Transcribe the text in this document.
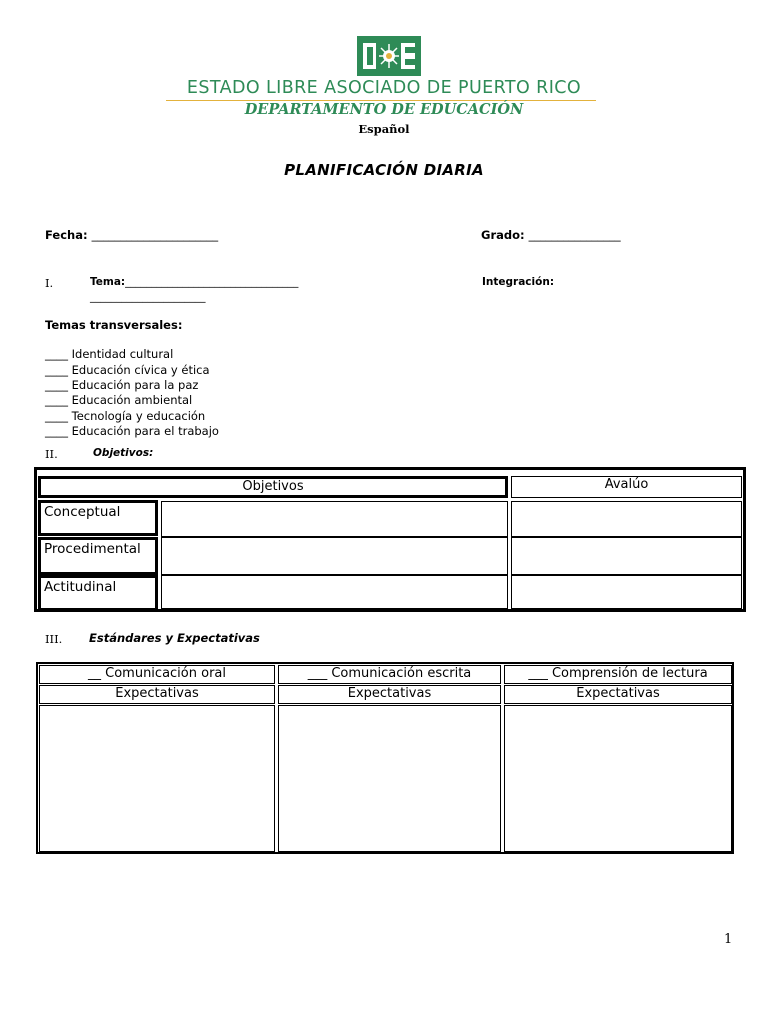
ESTADO LIBRE ASOCIADO DE PUERTO RICO
DEPARTAMENTO DE EDUCACIÓN
Español
PLANIFICACIÓN DIARIA
Fecha: ______________________	Grado: ________________
I.	Tema:_________________________________
______________________
Integración:
Temas transversales:
____ Identidad cultural
____ Educación cívica y ética
____ Educación para la paz
____ Educación ambiental
____ Tecnología y educación
____ Educación para el trabajo
II.	Objetivos:
Objetivos	Avalúo
Conceptual
Procedimental
Actitudinal
III. Estándares y Expectativas
__ Comunicación oral	___ Comunicación escrita	___ Comprensión de lectura
Expectativas	Expectativas	Expectativas
1
